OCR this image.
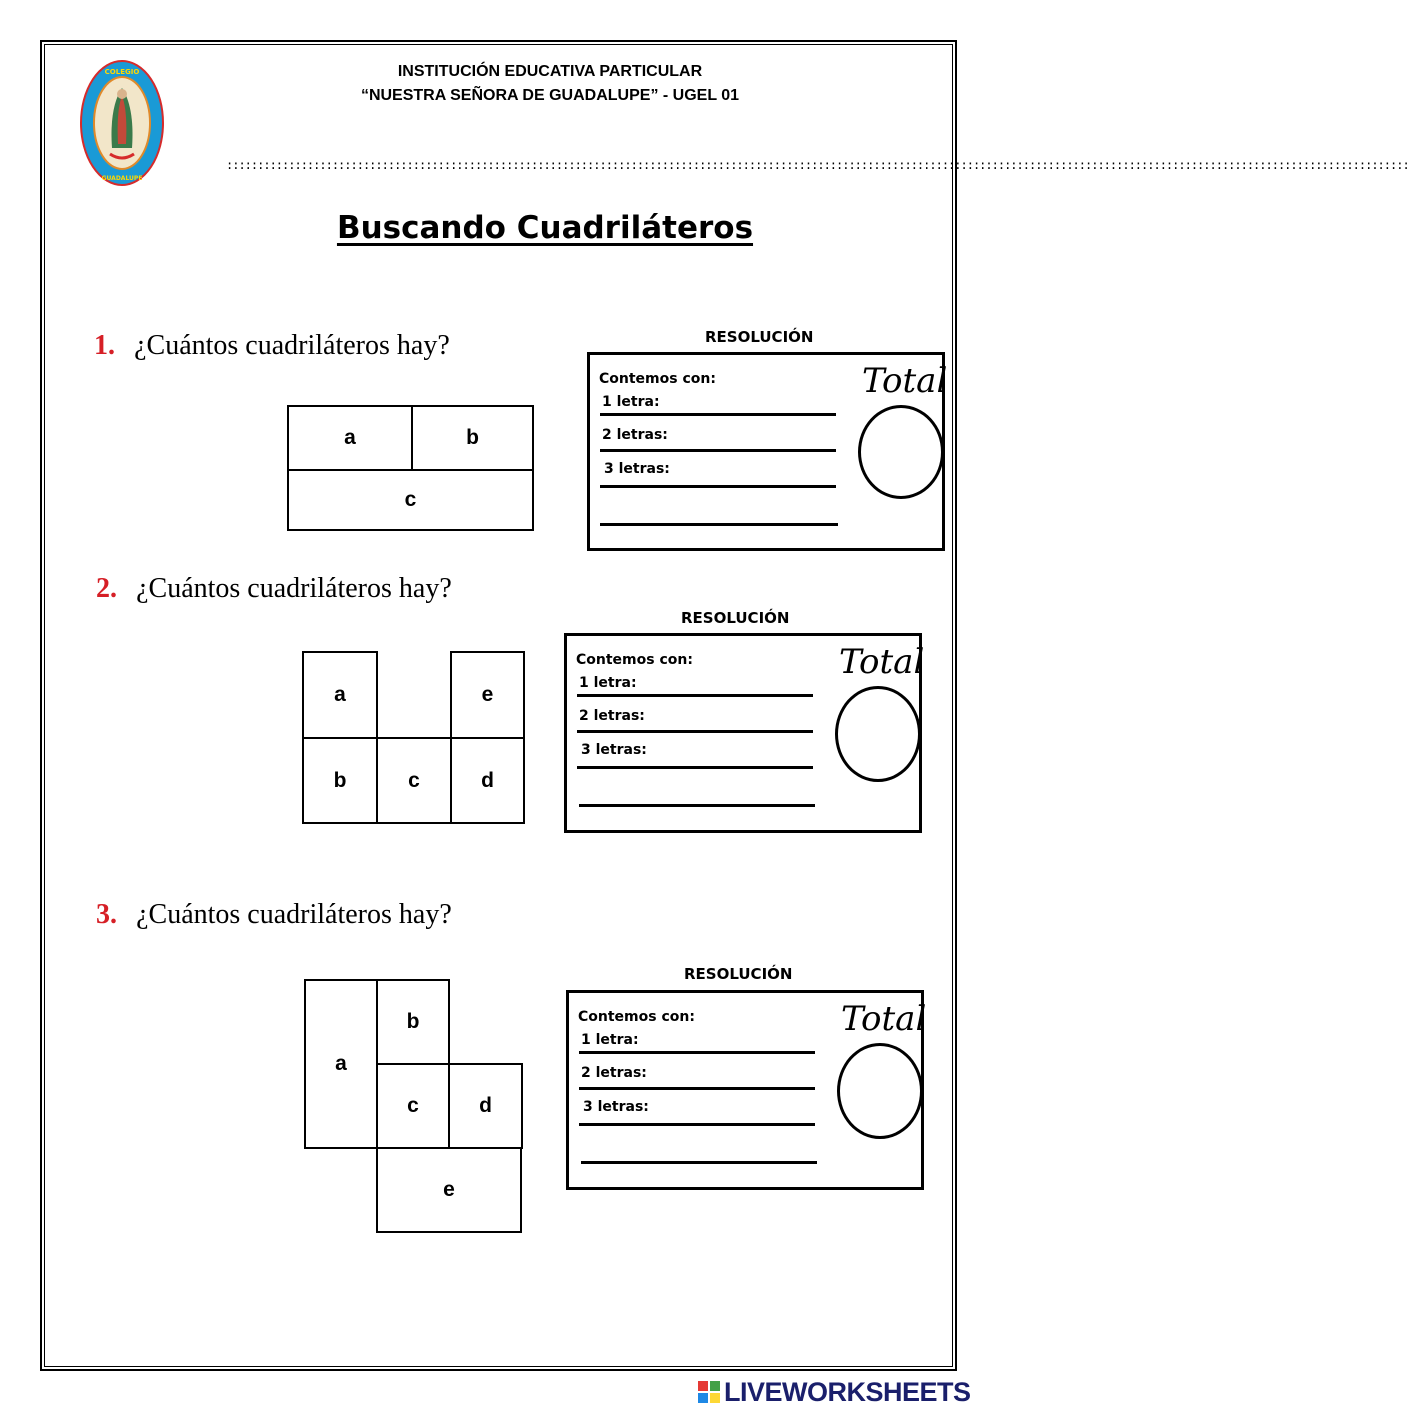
COLEGIO
GUADALUPE
INSTITUCIÓN EDUCATIVA PARTICULAR
“NUESTRA SEÑORA DE GUADALUPE” - UGEL 01
::::::::::::::::::::::::::::::::::::::::::::::::::::::::::::::::::::::::::::::::::::::::::::::::::::::::::::::::::::::::::::::::::::::::::::::::::::::::::::::::::::::::::::::::::::::::::::::
Buscando Cuadriláteros
1. ¿Cuántos cuadriláteros hay?
a	b
c
RESOLUCIÓN
Contemos con:
1 letra:
2 letras:
3 letras:
Total
2. ¿Cuántos cuadriláteros hay?
a	e
b	c	d
RESOLUCIÓN
Contemos con:
1 letra:
2 letras:
3 letras:
Total
3. ¿Cuántos cuadriláteros hay?
a
b
c	d
e
RESOLUCIÓN
Contemos con:
1 letra:
2 letras:
3 letras:
Total
LIVEWORKSHEETS
